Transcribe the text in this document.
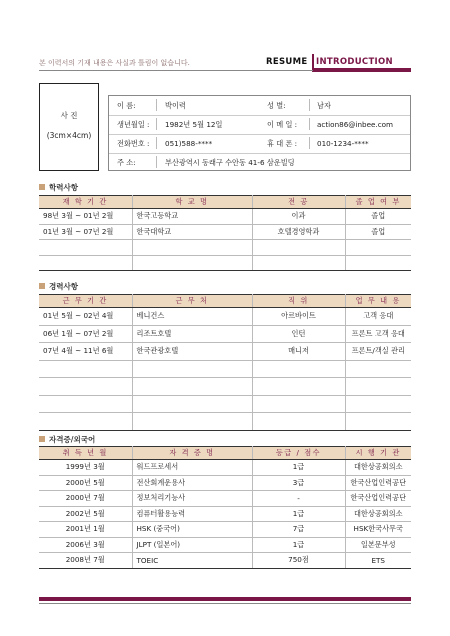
본 이력서의 기재 내용은 사실과 틀림이 없습니다.	RESUME INTRODUCTION
사 진
(3cm×4cm)
이 름:	박이력	성 별:	남자
생년월일 : 1982년 5월 12일	이 메 일 :	action86@inbee.com
전화번호 : 051)588-****	휴 대 폰 :	010-1234-****
주 소:	부산광역시 동래구 수안동 41-6 삼운빌딩
학력사항
재 학 기 간	학 교 명	전 공	졸 업 여 부
98년 3월 ~ 01년 2월	한국고등학교	이과	졸업
01년 3월 ~ 07년 2월	한국대학교	호텔경영학과	졸업

경력사항
근 무 기 간	근 무 처	직 위	업 무 내 용
01년 5월 ~ 02년 4월	베니건스	아르바이트	고객 응대
06년 1월 ~ 07년 2월	리조트호텔	인턴	프론트 고객 응대
07년 4월 ~ 11년 6월	한국관광호텔	매니저	프론트/객실 관리

자격증/외국어
취 득 년 월	자 격 증 명	등급 / 점수	시 행 기 관
1999년 3월	워드프로세서	1급	대한상공회의소
2000년 5월	전산회계운용사	3급	한국산업인력공단
2000년 7월	정보처리기능사	-	한국산업인력공단
2002년 5월	컴퓨터활용능력	1급	대한상공회의소
2001년 1월	HSK (중국어)	7급	HSK한국사무국
2006년 3월	JLPT (일본어)	1급	일본문부성
2008년 7월	TOEIC	750점	ETS
